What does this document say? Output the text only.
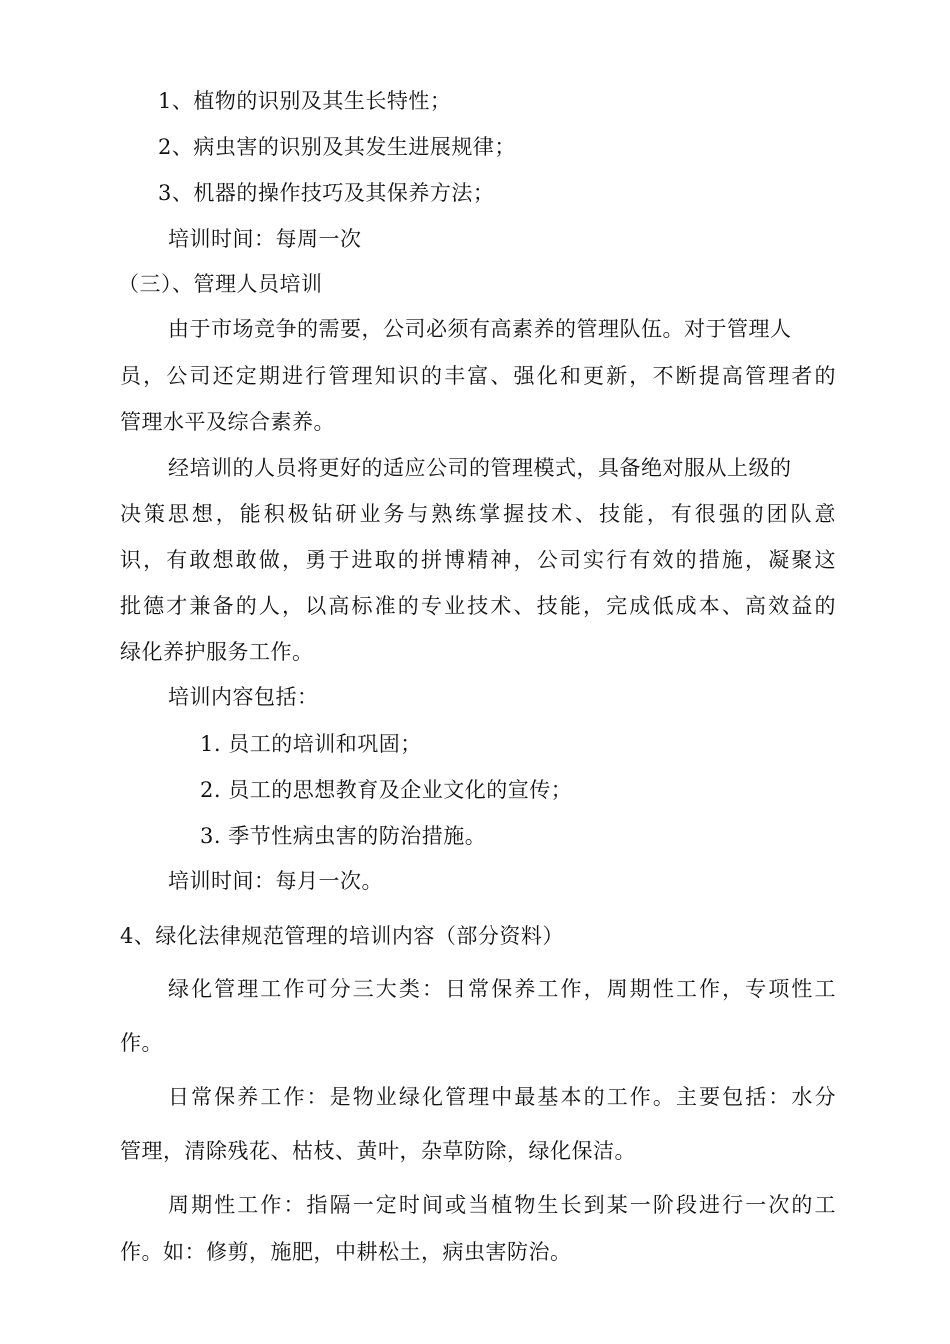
1、植物的识别及其生长特性；
2、病虫害的识别及其发生进展规律；
3、机器的操作技巧及其保养方法；
培训时间：每周一次
（三）、管理人员培训
由于市场竞争的需要，公司必须有高素养的管理队伍。对于管理人
员，公司还定期进行管理知识的丰富、强化和更新，不断提高管理者的
管理水平及综合素养。
经培训的人员将更好的适应公司的管理模式，具备绝对服从上级的
决策思想，能积极钻研业务与熟练掌握技术、技能，有很强的团队意
识，有敢想敢做，勇于进取的拼博精神，公司实行有效的措施，凝聚这
批德才兼备的人，以高标准的专业技术、技能，完成低成本、高效益的
绿化养护服务工作。
培训内容包括：
1. 员工的培训和巩固；
2. 员工的思想教育及企业文化的宣传；
3. 季节性病虫害的防治措施。
培训时间：每月一次。
4、绿化法律规范管理的培训内容（部分资料）
绿化管理工作可分三大类：日常保养工作，周期性工作，专项性工
作。
日常保养工作：是物业绿化管理中最基本的工作。主要包括：水分
管理，清除残花、枯枝、黄叶，杂草防除，绿化保洁。
周期性工作：指隔一定时间或当植物生长到某一阶段进行一次的工
作。如：修剪，施肥，中耕松土，病虫害防治。
